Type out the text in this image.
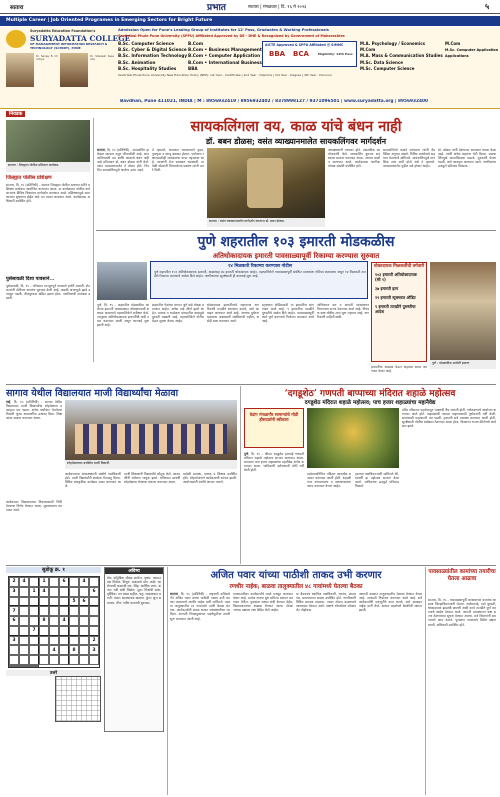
सातारा	प्रभात	सातारा | मंगळवार | दि. १६ मे २०२३	५
Multiple Career | Job Oriented Programes in Emerging Sectors for Bright Future
Suryadatta Education Foundation's
SURYADATTA COLLEGE
OF MANAGEMENT INFORMATION RESEARCH & TECHNOLOGY (SCMIRT), PUNE
Dr. Sanjay B. Chordiya
Dr. Shailesh Kasande
Admission Open for Pune's Leading Group of Institutes for 12' Pass, Graduates & Working Professionals
Savitribai Phule Pune University (SPPU) Affiliated Approved by DE - DHE & Recognized by Government of Maharashtra
B.Sc. Computer Science
B.Sc. Cyber & Digital Science
B.Sc. Information Technology
B.Sc. Animation
B.Sc. Hospitality Studies
B.Com
B.Com • Business Management
B.Com • Computer Application
B.Com • International Business
BBA
AICTE Approved & SPPU Affiliated @ SIMMC
BBA BCA	Eligibility: 12th Pass
M.A. Psychology / Economics
M.Com
M.A. Mass & Communication Studies
M.Sc. Data Science
M.Sc. Computer Science
M.Com
M.Sc. Computer Application
Applications
Savitribai Phule Pune University New Education Policy (NEP): 1st Year - Certificate | 2nd Year - Diploma | 3rd Year - Degree | 4th Year - Honours
Bavdhan, Pune 411021, INDIA | M : 8956932419 / 8956932402 / 8378998127 / 9371096501 | www.suryadatta.org | 8956932400
निवडक
सातारा : जिल्ह्यात पोलीस प्रशिक्षण कार्यक्रम.
जिल्ह्यात पोलीस प्रशिक्षण
सातारा, दि. १५ (प्रतिनिधी) - सातारा जिल्ह्यात पोलीस दलाच्या वतीने प्रशिक्षण कार्यक्रम आयोजित करण्यात आला. या कार्यक्रमात पोलीस कर्मचाऱ्यांना विविध विषयांवर मार्गदर्शन करण्यात आले. प्रशिक्षणामुळे कामकाजात सुधारणा होईल असे मत व्यक्त करण्यात आले. कार्यक्रमास अधिकारी उपस्थित होते.
पुसेसावळी दिशा पावसाने...
पुसेसावळी, दि. १५ - परिसरात मान्सूनपूर्व पावसाने हजेरी लावली. शेतकऱ्यांनी शेतीच्या कामांना सुरुवात केली आहे. वादळी वाऱ्यामुळे झाडे उन्मळून पडली. वीजपुरवठा खंडित झाला होता. नागरिकांची तारांबळ उडाली.
सायकलिंगला वय, काळ यांचे बंधन नाही
डॉ. बबन डोळस; वसंत व्याख्यानमालेत सायकलिंगवर मार्गदर्शन
सातारा, दि. १५ (प्रतिनिधी) - सायकलिंग हा केवळ व्यायाम नसून जीवनशैली आहे. सायकलिंगसाठी वय आणि काळाचे बंधन नाही असे प्रतिपादन डॉ. बबन डोळस यांनी केले. वसंत व्याख्यानमालेत ते बोलत होते. नियमित सायकलिंगमुळे आरोग्य उत्तम राहते.
ते म्हणाले, सायकल चालवल्याने हृदय, फुफ्फुस व स्नायू बळकट होतात. पर्यावरण रक्षणासाठीही सायकलचा वापर महत्त्वाचा आहे. तरुणांनी रोज सायकल चालवावी. या वेळी श्रोत्यांनी विचारलेल्या प्रश्नांना त्यांनी उत्तरे दिली.
सातारा : वसंत व्याख्यानमालेत मार्गदर्शन करताना डॉ. बबन डोळस.
अध्यक्षस्थानी मान्यवर होते. प्रास्ताविक आयोजकांनी केले. सायकलिंग ग्रुपच्या सदस्यांचा सत्कार करण्यात आला. आभार प्रदर्शन करण्यात आले. कार्यक्रमास नागरिक मोठ्या संख्येने उपस्थित होते.
सायकलिंगचे फायदे सांगताना त्यांनी वैयक्तिक अनुभव मांडले. विविध स्पर्धांमध्ये सहभाग घेतल्याचे सांगितले. सायकलिंगमुळे मानसिक ताण कमी होतो असे ते म्हणाले. व्याख्यानमालेत पुढील सत्रे होणार आहेत.
डॉ. डोळस यांनी देशभरात सायकल प्रवास केला आहे. त्यांनी अनेक शहरांना भेटी दिल्या. सायकलिंगमुळे आत्मविश्वास वाढतो. युवकांनी प्रेरणा घ्यावी, असे आवाहन करण्यात आले. नागरिकांचा उत्स्फूर्त प्रतिसाद मिळाला.
पुणे शहरातील १०३ इमारती मोडकळीस
अतिधोकादायक इमारती पावसाळ्यापूर्वी रिकाम्या करण्यास सुरुवात
१४ मिळकती रिकाम्या करण्यास नोटीस
पुणे शहरातील १०३ अतिधोकादायक इमारती, वाड्यांसह ३७ इमारती धोकादायक आहेत. महापालिकेने पावसाळ्यापूर्वी संबंधित मालकांना नोटिसा बजावल्या असून १४ मिळकती तातडीने रिकाम्या करण्याचे आदेश दिले आहेत. नागरिकांच्या सुरक्षेसाठी ही कारवाई सुरू आहे.
पुणे, दि. १५ - शहरातील मोडकळीस आलेल्या इमारती पावसाळ्यात कोसळण्याची शक्यता असल्याने महापालिकेने सर्वेक्षण केले. त्यानुसार अतिधोकादायक इमारतींची यादी तयार करण्यात आली असून कारवाई सुरू झाली आहे.
शहरातील पेठांच्या भागात जुने वाडे मोठ्या प्रमाणात आहेत. अनेक वाडे जीर्ण झाले आहेत. मालक व भाडेकरू यांच्यातील वादामुळे दुरुस्ती रखडली आहे. महापालिकेने नोटीस देऊन सूचना केल्या आहेत.
धोकादायक इमारतींमध्ये राहणाऱ्या नागरिकांनी तातडीने स्थलांतर करावे, असे आवाहन करण्यात आले आहे. अन्यथा दुर्घटना घडल्यास जबाबदारी संबंधितांची राहील, असेही स्पष्ट करण्यात आले.
स्ट्रक्चरल ऑडिटसाठी २९ इमारतींना सांगण्यात आले आहे. ९ इमारतींना तातडीने दुरुस्तीचे आदेश दिले आहेत. पावसाळ्यापूर्वी कामे पूर्ण करण्याचे नियोजन करण्यात आले आहे.
अग्निशमन दल व आपत्ती व्यवस्थापन विभागाला सज्ज ठेवण्यात आले आहे. नियंत्रण कक्ष चोवीस तास सुरू राहणार आहे. नागरिकांनी माहिती द्यावी.
धोकादायक मिळकतींची वर्गवारी
१०३ इमारती अतिधोकादायक (सी १)
३७ इमारती इतर
२९ इमारती स्ट्रक्चरल ऑडिट
९ इमारती तातडीने दुरुस्तीचा आदेश
पुणे : मोडकळीस आलेली इमारत
इमारतींचा आढावा घेऊन अहवाल सादर करण्यात येणार आहे.
सागाव येथील विद्यालयात माजी विद्यार्थ्यांचा मेळावा
वाई, दि. १५ (प्रतिनिधी) - सागाव येथील विद्यालयात माजी विद्यार्थ्यांचा स्नेहमेळावा उत्साहात पार पडला. अनेक वर्षांनंतर भेटलेल्या मित्रांनी जुन्या आठवणींना उजाळा दिला. शिक्षकांचा सत्कार करण्यात आला.
कार्यक्रमात विद्यालयाच्या विकासासाठी निधी देण्याचा निर्णय घेण्यात आला. सूत्रसंचालन करण्यात आले.
स्नेहमेळाव्यात उपस्थित माजी विद्यार्थी.
कार्यक्रमाच्या अध्यक्षस्थानी संस्थेचे पदाधिकारी होते. माजी विद्यार्थ्यांनी शाळेला भेटवस्तू दिल्या. विविध सांस्कृतिक कार्यक्रम सादर करण्यात आले.
माजी शिक्षकांनी विद्यार्थ्यांचे कौतुक केले. आठवणींनी सर्वजण भावुक झाले. भविष्यात दरवर्षी स्नेहमेळावा घेण्याचा संकल्प करण्यात आला.
यावेळी ग्रामस्थ, पालक व शिक्षक उपस्थित होते. स्नेहभोजनाने कार्यक्रमाची सांगता झाली. आयोजकांनी सर्वांचे आभार मानले.
‘दगडूशेठ’ गणपती बाप्पाच्या मंदिरात शहाळे महोत्सव
दगडूशेठ मंदिरात शहाळे महोत्सव; पाच हजार शहाळ्यांचा महानैवेद्य
वेदांग मंगळागौर सामान्यांचे मोठी हौसदार्शनी स्वीकारा
पुणे, दि. १५ - श्रीमंत दगडूशेठ हलवाई गणपती मंदिरात शहाळे महोत्सव साजरा करण्यात आला. बाप्पाला पाच हजार शहाळ्यांचा महानैवेद्य अर्पण करण्यात आला. भाविकांनी दर्शनासाठी मोठी गर्दी केली होती.
महोत्सवानिमित्त मंदिरात आकर्षक सजावट करण्यात आली होती. शहाळी नंतर रुग्णालयांना व अनाथाश्रमांना वाटप करण्यात येणार आहेत.
ट्रस्टच्या पदाधिकाऱ्यांनी सांगितले की, दरवर्षी हा महोत्सव साजरा केला जातो. भाविकांचा उत्स्फूर्त प्रतिसाद मिळतो.
मंदिर परिसरात पहाटेपासून भक्तांची रीघ लागली होती. गणेशयागाचे आयोजन करण्यात आले होते. शहाळ्यांची आरास पाहण्यासाठी पुणेकरांनी गर्दी केली. सायंकाळी महाआरती पार पडली. ट्रस्टतर्फे सर्व व्यवस्था करण्यात आली होती. सुरक्षेसाठी पोलीस बंदोबस्त ठेवण्यात आला होता. दिवसभर भजन-कीर्तनाचे कार्यक्रम झाले.
सुडोकू क्र. १
2	4	1	6	4
3	1	4	6
5	6
7
6	8	4
7
3	2
4	8	3
उत्तरे
अविष्य
मेष: कौटुंबिक सौख्य लाभेल. वृषभ: कामात यश मिळेल. मिथुन: प्रवासाचे योग. कर्क: आरोग्याची काळजी घ्या. सिंह: आर्थिक लाभ. कन्या: नवी संधी मिळेल. तूळ: मित्रांची साथ. वृश्चिक: मन प्रसन्न राहील. धनु: व्यवसायात प्रगती. मकर: सावधानता बाळगा. कुंभ: शुभ समाचार. मीन: नवीन कामाची सुरुवात.
अजित पवार यांच्या पाठीशी ताकद उभी करणार
रणधीर नाईक; बाळवा तालुक्यातील ४८ गावांमध्ये घेतल्या बैठका
सातारा, दि. १५ (प्रतिनिधी) - राष्ट्रवादी काँग्रेसचे नेते अजित पवार यांच्या पाठीशी ताकद उभी करणार असल्याचे रणधीर नाईक यांनी सांगितले. वाळवा तालुक्यातील ४८ गावांमध्ये त्यांनी बैठका घेतल्या. कार्यकर्त्यांशी संवाद साधत पक्षबांधणीवर भर दिला. आगामी निवडणुकांच्या पार्श्वभूमीवर तयारी सुरू करण्यात आली आहे.
गावपातळीवर कार्यकर्त्यांचे जाळे मजबूत करण्यात येणार आहे. प्रत्येक गावात बूथ समित्या स्थापन करण्यात येतील. युवकांना पक्षात संधी देण्यात येईल. विकासकामांचा आढावा घेण्यात आला. शेतकऱ्यांच्या प्रश्नांवर लक्ष केंद्रित केले जाईल.
या बैठकांना स्थानिक पदाधिकारी, सरपंच, उपसरपंच, ग्रामपंचायत सदस्य उपस्थित होते. नागरिकांनी विविध समस्या मांडल्या. त्यावर तोडगा काढण्याचे आश्वासन देण्यात आले. पक्षाचे ध्येयधोरण लोकांपर्यंत पोहोचवा.
आगामी काळात तालुकास्तरीय मेळावा घेण्यात येणार आहे. त्यासाठी नियोजन करण्यात आले आहे. सर्व कार्यकर्त्यांनी एकजुटीने काम करावे, असे आवाहन नाईक यांनी केले. आभार प्रदर्शनाने बैठकीची सांगता झाली.
पावसाळ्यांतील कामांच्या तयारीचा घेतला आढावा
सातारा, दि. १५ - पावसाळ्यापूर्वी करावयाच्या कामांचा आढावा जिल्हाधिकाऱ्यांनी घेतला. नालेसफाई, रस्ते दुरुस्ती, धोकादायक झाडांची छाटणी आदी कामे तातडीने पूर्ण करण्याचे आदेश देण्यात आले. आपत्ती व्यवस्थापन कक्ष सज्ज ठेवण्याच्या सूचना देण्यात आल्या. सर्व विभागांनी समन्वयाने काम करावे. पूरप्रवण गावांमध्ये विशेष दक्षता घ्यावी. अधिकारी उपस्थित होते.
